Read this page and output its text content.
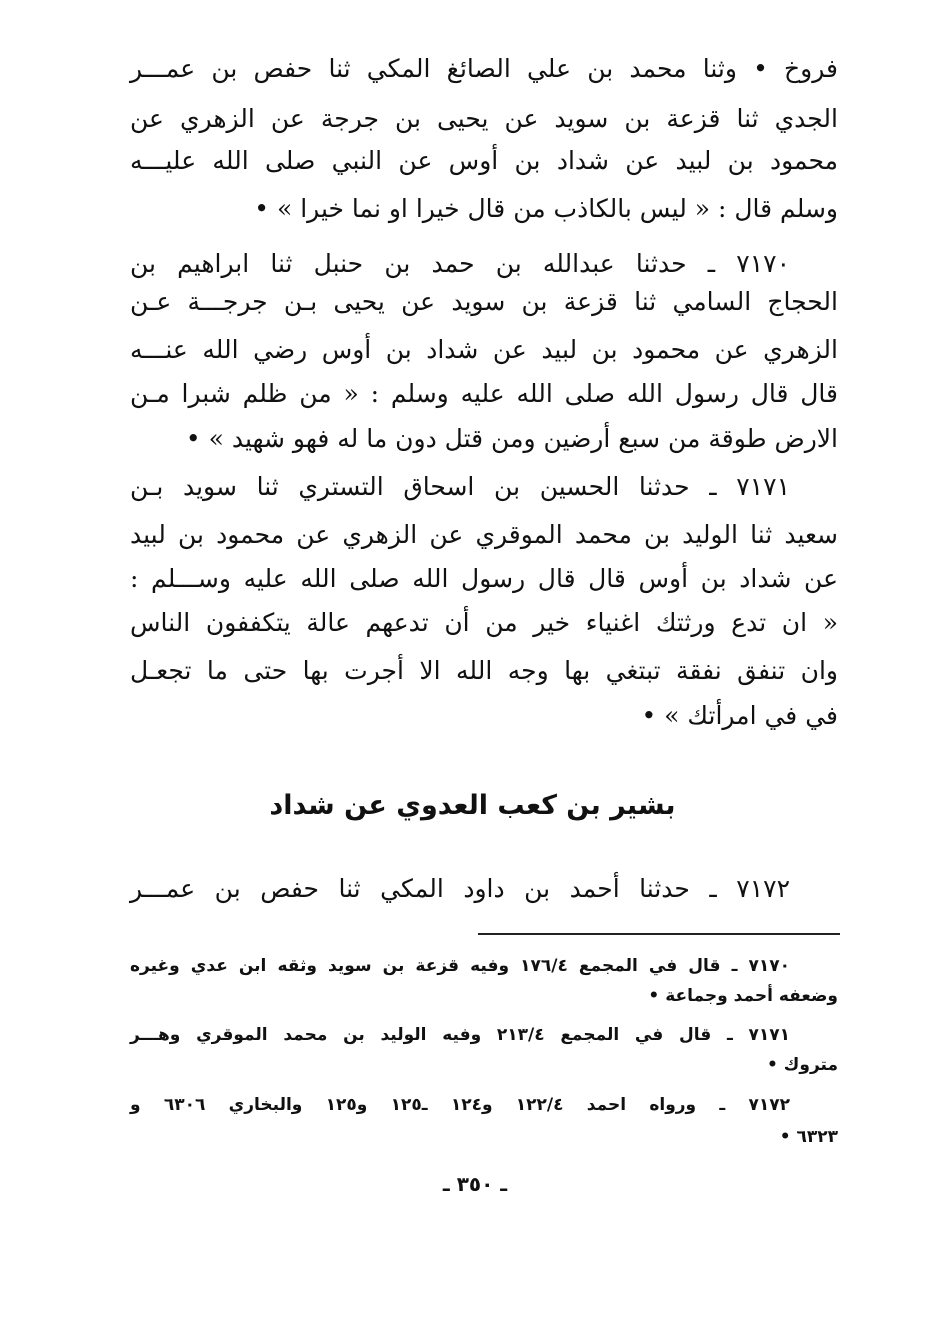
فروخ • وثنا محمد بن علي الصائغ المكي ثنا حفص بن عمـــر
الجدي ثنا قزعة بن سويد عن يحيى بن جرجة عن الزهري عن
محمود بن لبيد عن شداد بن أوس عن النبي صلى الله عليـــه
وسلم قال : « ليس بالكاذب من قال خيرا او نما خيرا » •
٧١٧٠ ـ حدثنا عبدالله بن حمد بن حنبل ثنا ابراهيم بن
الحجاج السامي ثنا قزعة بن سويد عن يحيى بـن جرجـــة عـن
الزهري عن محمود بن لبيد عن شداد بن أوس رضي الله عنـــه
قال قال رسول الله صلى الله عليه وسلم : « من ظلم شبرا مـن
الارض طوقة من سبع أرضين ومن قتل دون ما له فهو شهيد » •
٧١٧١ ـ حدثنا الحسين بن اسحاق التستري ثنا سويد بـن
سعيد ثنا الوليد بن محمد الموقري عن الزهري عن محمود بن لبيد
عن شداد بن أوس قال قال رسول الله صلى الله عليه وســـلم :
« ان تدع ورثتك اغنياء خير من أن تدعهم عالة يتكففون الناس
وان تنفق نفقة تبتغي بها وجه الله الا أجرت بها حتى ما تجعـل
في في امرأتك » •
بشير بن كعب العدوي عن شداد
٧١٧٢ ـ حدثنا أحمد بن داود المكي ثنا حفص بن عمـــر
٧١٧٠ ـ قال في المجمع ١٧٦/٤ وفيه قزعة بن سويد وثقه ابن عدي وغيره
وضعفه أحمد وجماعة •
٧١٧١ ـ قال في المجمع ٢١٣/٤ وفيه الوليد بن محمد الموقري وهـــر
متروك •
٧١٧٢ ـ ورواه احمد ١٢٢/٤ و١٢٤ ـ١٢٥ و١٢٥ والبخاري ٦٣٠٦ و
٦٣٢٣ •
ـ ٣٥٠ ـ
